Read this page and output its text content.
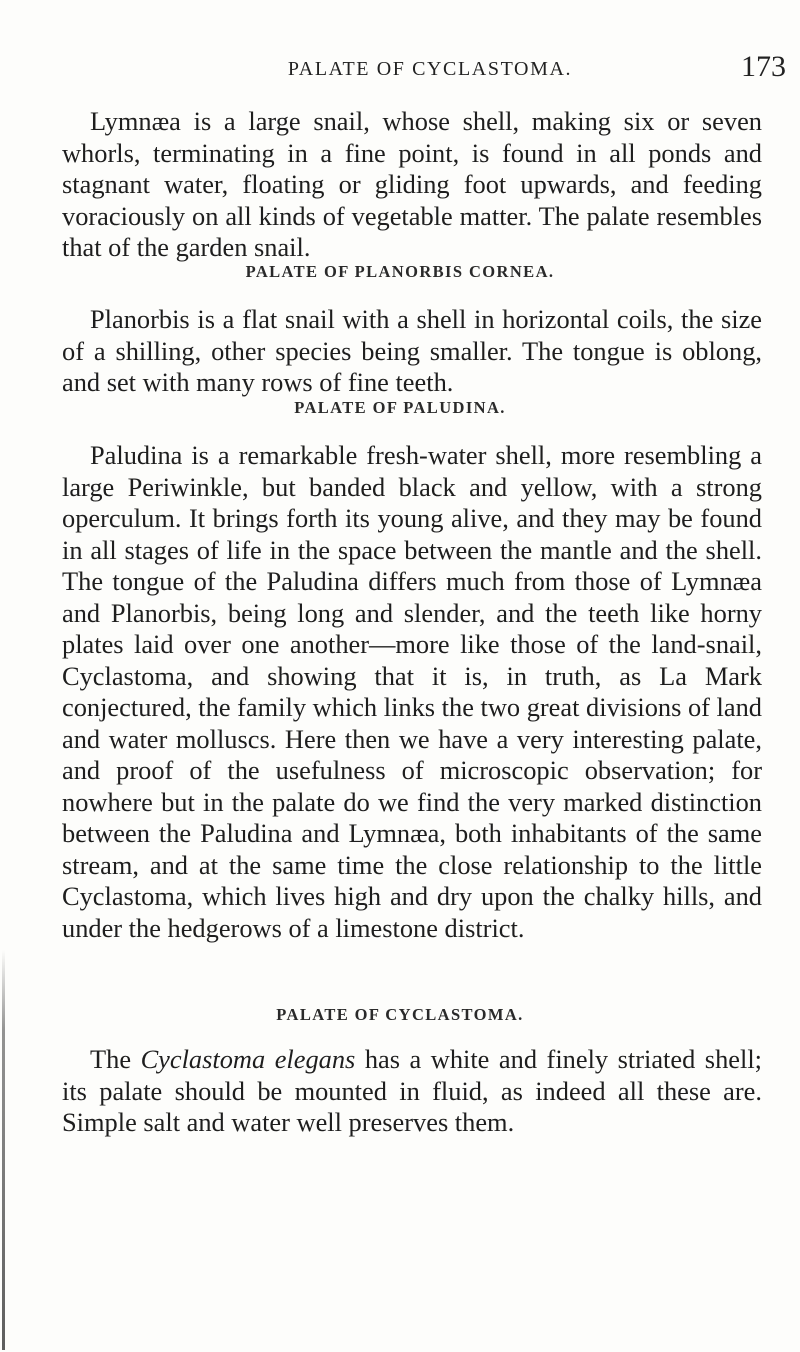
PALATE OF CYCLASTOMA.	173

Lymnæa is a large snail, whose shell, making six or seven whorls, terminating in a fine point, is found in all ponds and stagnant water, floating or gliding foot upwards, and feeding voraciously on all kinds of vegetable matter. The palate resembles that of the garden snail.

PALATE OF PLANORBIS CORNEA.

Planorbis is a flat snail with a shell in horizontal coils, the size of a shilling, other species being smaller. The tongue is oblong, and set with many rows of fine teeth.

PALATE OF PALUDINA.

Paludina is a remarkable fresh-water shell, more resembling a large Periwinkle, but banded black and yellow, with a strong operculum. It brings forth its young alive, and they may be found in all stages of life in the space between the mantle and the shell. The tongue of the Paludina differs much from those of Lymnæa and Planorbis, being long and slender, and the teeth like horny plates laid over one another—more like those of the land-snail, Cyclastoma, and showing that it is, in truth, as La Mark conjectured, the family which links the two great divisions of land and water molluscs. Here then we have a very interesting palate, and proof of the usefulness of microscopic observation; for nowhere but in the palate do we find the very marked distinction between the Paludina and Lymnæa, both inhabitants of the same stream, and at the same time the close relationship to the little Cyclastoma, which lives high and dry upon the chalky hills, and under the hedgerows of a limestone district.

PALATE OF CYCLASTOMA.

The Cyclastoma elegans has a white and finely striated shell; its palate should be mounted in fluid, as indeed all these are. Simple salt and water well preserves them.
